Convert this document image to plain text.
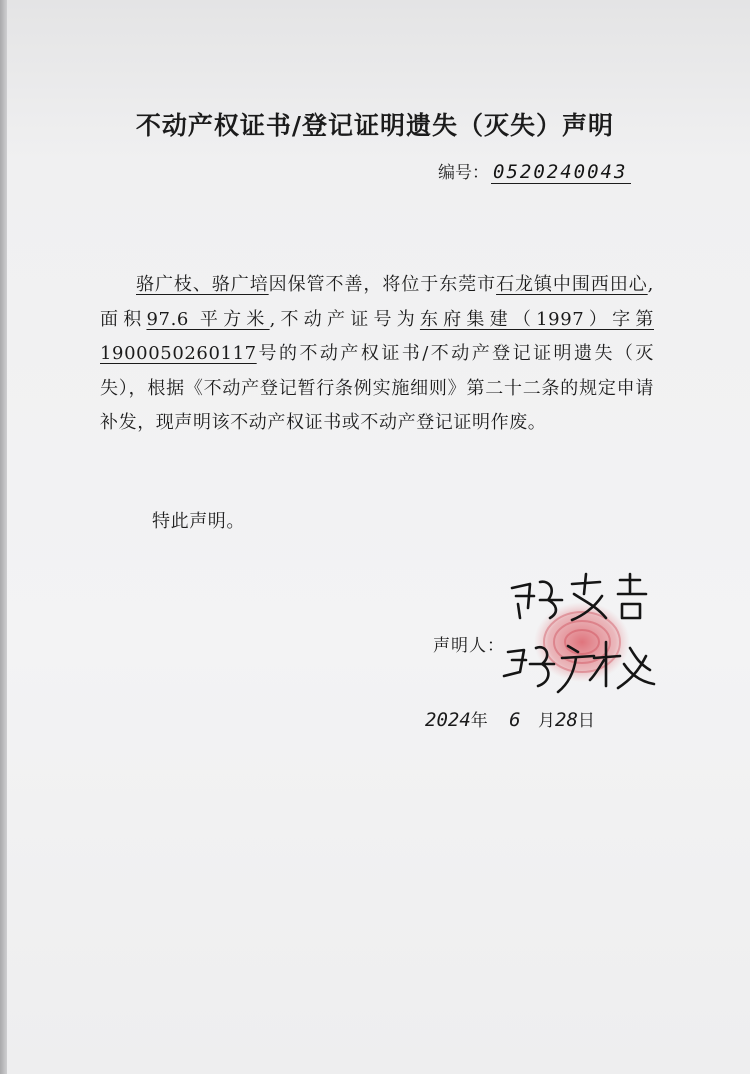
不动产权证书/登记证明遗失（灭失）声明
编号： 0520240043
骆广枝、骆广培因保管不善，将位于东莞市石龙镇中围西田心,面积97.6 平方米,不动产证号为东府集建（1997）字第 1900050260117号的不动产权证书/不动产登记证明遗失（灭失），根据《不动产登记暂行条例实施细则》第二十二条的规定申请补发，现声明该不动产权证书或不动产登记证明作废。
特此声明。
声明人：
2024年 6 月28日
